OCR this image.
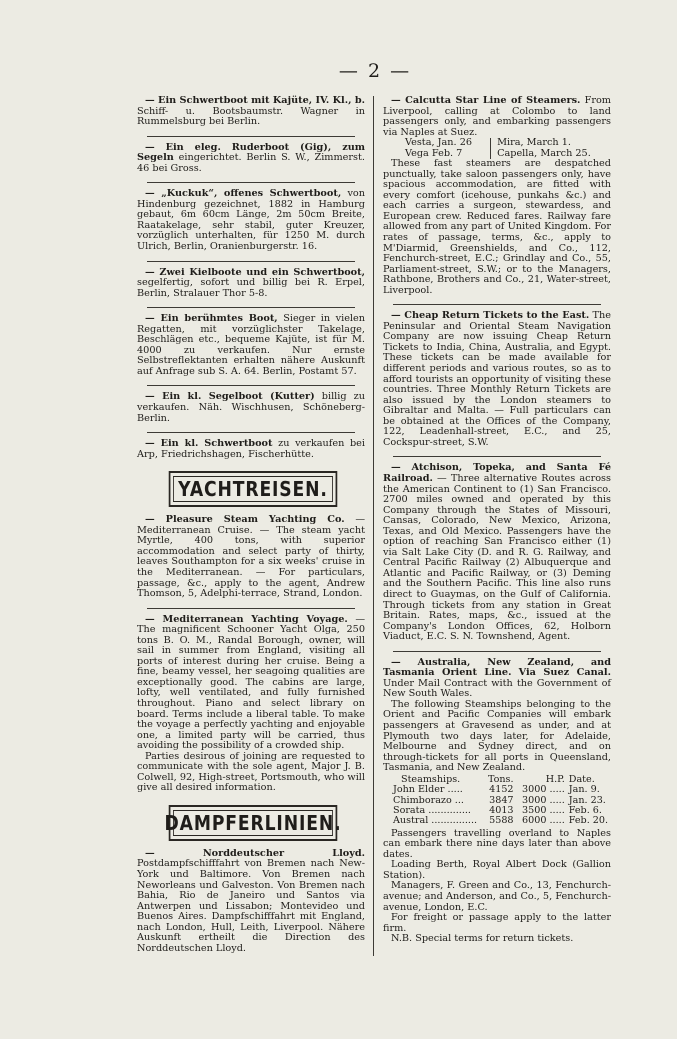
— 2 —

— Ein Schwertboot mit Kajüte, IV. Kl., b. Schiff- u. Bootsbaumstr. Wagner in Rummelsburg bei Berlin.

— Ein eleg. Ruderboot (Gig), zum Segeln eingerichtet. Berlin S. W., Zimmerst. 46 bei Gross.

— „Kuckuk“, offenes Schwertboot, von Hindenburg gezeichnet, 1882 in Hamburg gebaut, 6m 60cm Länge, 2m 50cm Breite, Raatakelage, sehr stabil, guter Kreuzer, vorzüglich unterhalten, für 1250 M. durch Ulrich, Berlin, Oranienburgerstr. 16.

— Zwei Kielboote und ein Schwertboot, segelfertig, sofort und billig bei R. Erpel, Berlin, Stralauer Thor 5-8.

— Ein berühmtes Boot, Sieger in vielen Regatten, mit vorzüglichster Takelage, Beschlägen etc., bequeme Kajüte, ist für M. 4000 zu verkaufen. Nur ernste Selbstreflektanten erhalten nähere Auskunft auf Anfrage sub S. A. 64. Berlin, Postamt 57.

— Ein kl. Segelboot (Kutter) billig zu verkaufen. Näh. Wischhusen, Schöneberg-Berlin.

— Ein kl. Schwertboot zu verkaufen bei Arp, Friedrichshagen, Fischerhütte.

YACHTREISEN.

— Pleasure Steam Yachting Co. — Mediterranean Cruise. — The steam yacht Myrtle, 400 tons, with superior accommodation and select party of thirty, leaves Southampton for a six weeks' cruise in the Mediterranean. — For particulars, passage, &c., apply to the agent, Andrew Thomson, 5, Adelphi-terrace, Strand, London.

— Mediterranean Yachting Voyage. — The magnificent Schooner Yacht Olga, 250 tons B. O. M., Randal Borough, owner, will sail in summer from England, visiting all ports of interest during her cruise. Being a fine, beamy vessel, her seagoing qualities are exceptionally good. The cabins are large, lofty, well ventilated, and fully furnished throughout. Piano and select library on board. Terms include a liberal table. To make the voyage a perfectly yachting and enjoyable one, a limited party will be carried, thus avoiding the possibility of a crowded ship.

Parties desirous of joining are requested to communicate with the sole agent, Major J. B. Colwell, 92, High-street, Portsmouth, who will give all desired information.

DAMPFERLINIEN.

— Norddeutscher Lloyd. Postdampfschifffahrt von Bremen nach New-York und Baltimore. Von Bremen nach Neworleans und Galveston. Von Bremen nach Bahia, Rio de Janeiro und Santos via Antwerpen und Lissabon; Montevideo und Buenos Aires. Dampfschifffahrt mit England, nach London, Hull, Leith, Liverpool. Nähere Auskunft ertheilt die Direction des Norddeutschen Lloyd.

— Calcutta Star Line of Steamers. From Liverpool, calling at Colombo to land passengers only, and embarking passengers via Naples at Suez.

Vesta, Jan. 26	Mira, March 1.
Vega Feb. 7	Capella, March 25.

These fast steamers are despatched punctually, take saloon passengers only, have spacious accommodation, are fitted with every comfort (icehouse, punkahs &c.) and each carries a surgeon, stewardess, and European crew. Reduced fares. Railway fare allowed from any part of United Kingdom. For rates of passage, terms, &c., apply to M'Diarmid, Greenshields, and Co., 112, Fenchurch-street, E.C.; Grindlay and Co., 55, Parliament-street, S.W.; or to the Managers, Rathbone, Brothers and Co., 21, Water-street, Liverpool.

— Cheap Return Tickets to the East. The Peninsular and Oriental Steam Navigation Company are now issuing Cheap Return Tickets to India, China, Australia, and Egypt. These tickets can be made available for different periods and various routes, so as to afford tourists an opportunity of visiting these countries. Three Monthly Return Tickets are also issued by the London steamers to Gibraltar and Malta. — Full particulars can be obtained at the Offices of the Company, 122, Leadenhall-street, E.C., and 25, Cockspur-street, S.W.

— Atchison, Topeka, and Santa Fé Railroad. — Three alternative Routes across the American Continent to (1) San Francisco. 2700 miles owned and operated by this Company through the States of Missouri, Cansas, Colorado, New Mexico, Arizona, Texas, and Old Mexico. Passengers have the option of reaching San Francisco either (1) via Salt Lake City (D. and R. G. Railway, and Central Pacific Railway (2) Albuquerque and Atlantic and Pacific Railway, or (3) Deming and the Southern Pacific. This line also runs direct to Guaymas, on the Gulf of California. Through tickets from any station in Great Britain. Rates, maps, &c., issued at the Company's London Offices, 62, Holborn Viaduct, E.C. S. N. Townshend, Agent.

— Australia, New Zealand, and Tasmania Orient Line. Via Suez Canal. Under Mail Contract with the Government of New South Wales.

The following Steamships belonging to the Orient and Pacific Companies will embark passengers at Gravesend as under, and at Plymouth two days later, for Adelaide, Melbourne and Sydney direct, and on through-tickets for all ports in Queensland, Tasmania, and New Zealand.

Steamships.	Tons.	H.P.	Date.
John Elder .....	4152	3000 .....	Jan. 9.
Chimborazo ...	3847	3000 .....	Jan. 23.
Sorata ..............	4013	3500 .....	Feb. 6.
Austral ...............	5588	6000 .....	Feb. 20.

Passengers travelling overland to Naples can embark there nine days later than above dates.

Loading Berth, Royal Albert Dock (Gallion Station).

Managers, F. Green and Co., 13, Fenchurch-avenue; and Anderson, and Co., 5, Fenchurch-avenue, London, E.C.

For freight or passage apply to the latter firm.

N.B. Special terms for return tickets.
